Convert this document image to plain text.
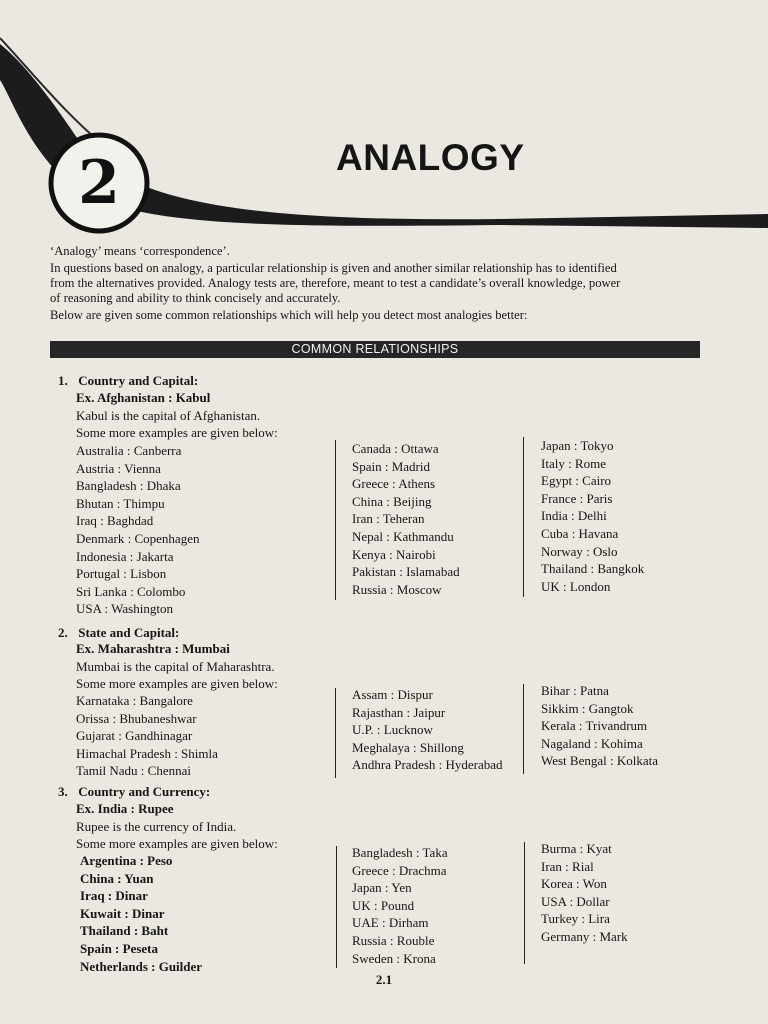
2	ANALOGY

‘Analogy’ means ‘correspondence’.

In questions based on analogy, a particular relationship is given and another similar relationship has to identified

from the alternatives provided. Analogy tests are, therefore, meant to test a candidate’s overall knowledge, power

of reasoning and ability to think concisely and accurately.

Below are given some common relationships which will help you detect most analogies better:

COMMON RELATIONSHIPS
1. Country and Capital:
Ex. Afghanistan : Kabul
Kabul is the capital of Afghanistan.
Some more examples are given below:
Australia : Canberra
Austria : Vienna
Bangladesh : Dhaka
Bhutan : Thimpu
Iraq : Baghdad
Denmark : Copenhagen
Indonesia : Jakarta
Portugal : Lisbon
Sri Lanka : Colombo
USA : Washington
Canada : Ottawa
Spain : Madrid
Greece : Athens
China : Beijing
Iran : Teheran
Nepal : Kathmandu
Kenya : Nairobi
Pakistan : Islamabad
Russia : Moscow
Japan : Tokyo
Italy : Rome
Egypt : Cairo
France : Paris
India : Delhi
Cuba : Havana
Norway : Oslo
Thailand : Bangkok
UK : London
2. State and Capital:
Ex. Maharashtra : Mumbai
Mumbai is the capital of Maharashtra.
Some more examples are given below:
Karnataka : Bangalore
Orissa : Bhubaneshwar
Gujarat : Gandhinagar
Himachal Pradesh : Shimla
Tamil Nadu : Chennai
Assam : Dispur
Rajasthan : Jaipur
U.P. : Lucknow
Meghalaya : Shillong
Andhra Pradesh : Hyderabad
Bihar : Patna
Sikkim : Gangtok
Kerala : Trivandrum
Nagaland : Kohima
West Bengal : Kolkata
3. Country and Currency:
Ex. India : Rupee
Rupee is the currency of India.
Some more examples are given below:
Argentina : Peso
China : Yuan
Iraq : Dinar
Kuwait : Dinar
Thailand : Baht
Spain : Peseta
Netherlands : Guilder
Bangladesh : Taka
Greece : Drachma
Japan : Yen
UK : Pound
UAE : Dirham
Russia : Rouble
Sweden : Krona
Burma : Kyat
Iran : Rial
Korea : Won
USA : Dollar
Turkey : Lira
Germany : Mark
2.1
